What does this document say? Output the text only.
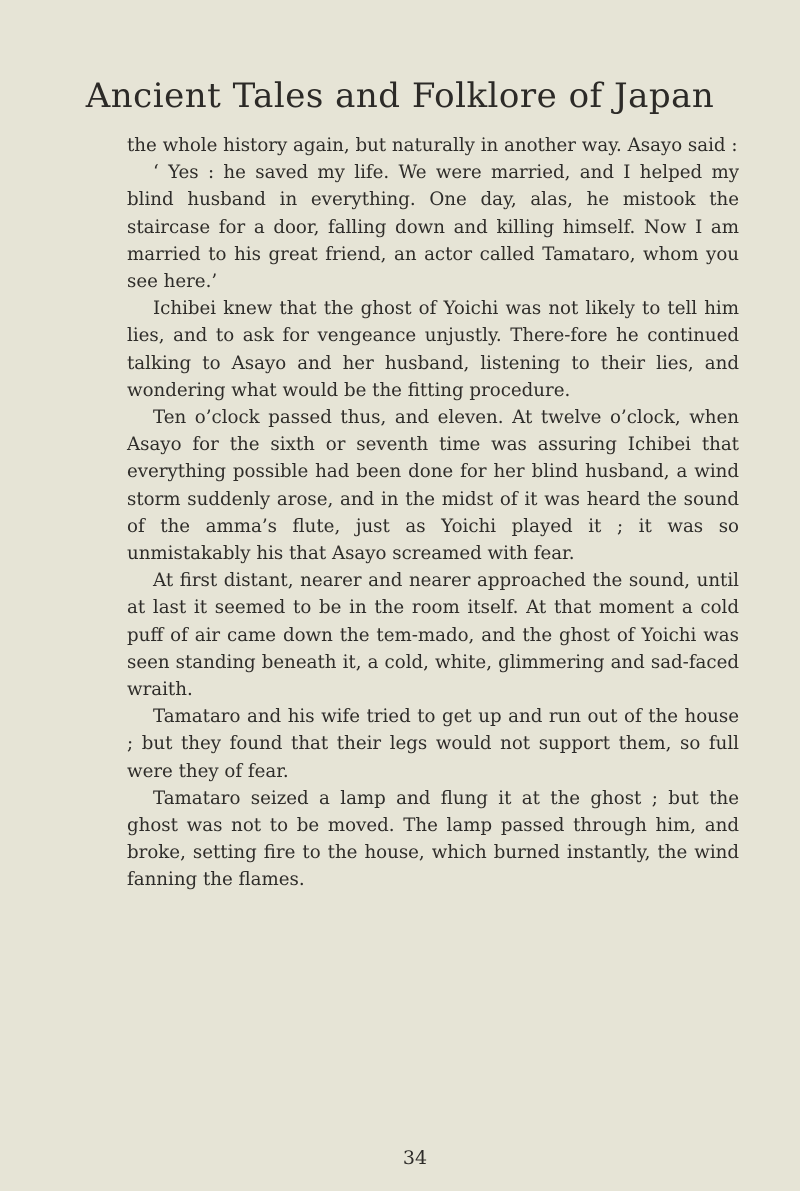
Ancient Tales and Folklore of Japan

the whole history again, but naturally in another way. Asayo said :

‘ Yes : he saved my life. We were married, and I helped my blind husband in everything. One day, alas, he mistook the staircase for a door, falling down and killing himself. Now I am married to his great friend, an actor called Tamataro, whom you see here.’

Ichibei knew that the ghost of Yoichi was not likely to tell him lies, and to ask for vengeance unjustly. There-fore he continued talking to Asayo and her husband, listening to their lies, and wondering what would be the fitting procedure.

Ten o’clock passed thus, and eleven. At twelve o’clock, when Asayo for the sixth or seventh time was assuring Ichibei that everything possible had been done for her blind husband, a wind storm suddenly arose, and in the midst of it was heard the sound of the amma’s flute, just as Yoichi played it ; it was so unmistakably his that Asayo screamed with fear.

At first distant, nearer and nearer approached the sound, until at last it seemed to be in the room itself. At that moment a cold puff of air came down the tem-mado, and the ghost of Yoichi was seen standing beneath it, a cold, white, glimmering and sad-faced wraith.

Tamataro and his wife tried to get up and run out of the house ; but they found that their legs would not support them, so full were they of fear.

Tamataro seized a lamp and flung it at the ghost ; but the ghost was not to be moved. The lamp passed through him, and broke, setting fire to the house, which burned instantly, the wind fanning the flames.

34
